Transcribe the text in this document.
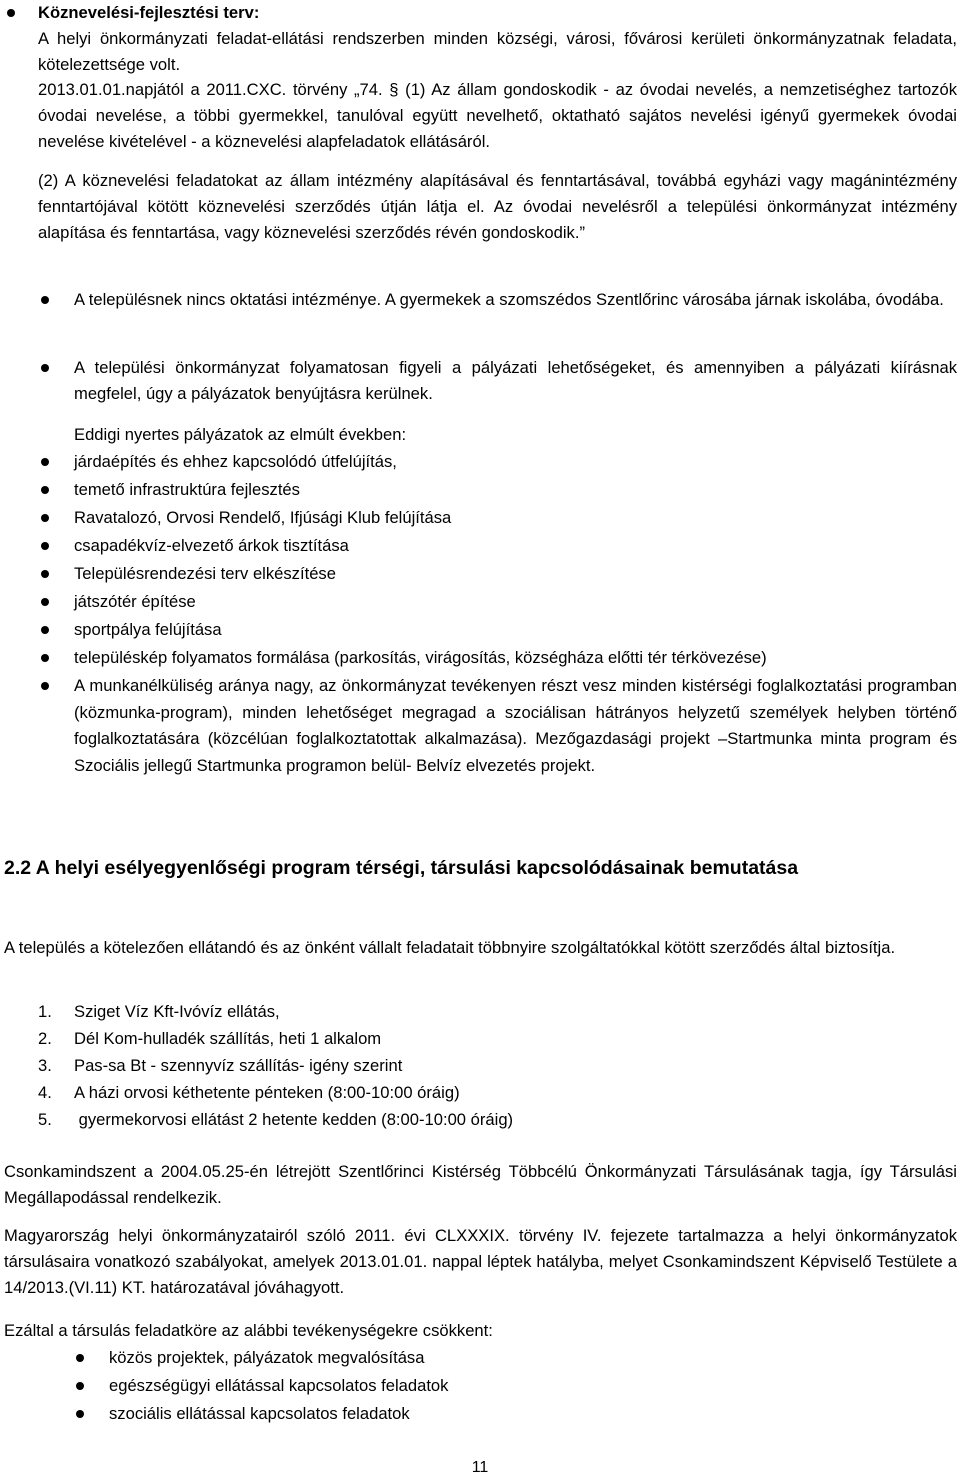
Köznevelési-fejlesztési terv:

A helyi önkormányzati feladat-ellátási rendszerben minden községi, városi, fővárosi kerületi önkormányzatnak feladata, kötelezettsége volt.

2013.01.01.napjától a 2011.CXC. törvény „74. § (1) Az állam gondoskodik - az óvodai nevelés, a nemzetiséghez tartozók óvodai nevelése, a többi gyermekkel, tanulóval együtt nevelhető, oktatható sajátos nevelési igényű gyermekek óvodai nevelése kivételével - a köznevelési alapfeladatok ellátásáról.

(2) A köznevelési feladatokat az állam intézmény alapításával és fenntartásával, továbbá egyházi vagy magánintézmény fenntartójával kötött köznevelési szerződés útján látja el. Az óvodai nevelésről a települési önkormányzat intézmény alapítása és fenntartása, vagy köznevelési szerződés révén gondoskodik.”

A településnek nincs oktatási intézménye. A gyermekek a szomszédos Szentlőrinc városába járnak iskolába, óvodába.

A települési önkormányzat folyamatosan figyeli a pályázati lehetőségeket, és amennyiben a pályázati kiírásnak megfelel, úgy a pályázatok benyújtásra kerülnek.

Eddigi nyertes pályázatok az elmúlt években:

járdaépítés és ehhez kapcsolódó útfelújítás,
temető infrastruktúra fejlesztés
Ravatalozó, Orvosi Rendelő, Ifjúsági Klub felújítása
csapadékvíz-elvezető árkok tisztítása
Településrendezési terv elkészítése
játszótér építése
sportpálya felújítása
településkép folyamatos formálása (parkosítás, virágosítás, községháza előtti tér térkövezése)

A munkanélküliség aránya nagy, az önkormányzat tevékenyen részt vesz minden kistérségi foglalkoztatási programban (közmunka-program), minden lehetőséget megragad a szociálisan hátrányos helyzetű személyek helyben történő foglalkoztatására (közcélúan foglalkoztatottak alkalmazása). Mezőgazdasági projekt –Startmunka minta program és Szociális jellegű Startmunka programon belül- Belvíz elvezetés projekt.

2.2 A helyi esélyegyenlőségi program térségi, társulási kapcsolódásainak bemutatása

A település a kötelezően ellátandó és az önként vállalt feladatait többnyire szolgáltatókkal kötött szerződés által biztosítja.

1. Sziget Víz Kft-Ivóvíz ellátás,
2. Dél Kom-hulladék szállítás, heti 1 alkalom
3. Pas-sa Bt - szennyvíz szállítás- igény szerint
4. A házi orvosi kéthetente pénteken (8:00-10:00 óráig)
5. gyermekorvosi ellátást 2 hetente kedden (8:00-10:00 óráig)

Csonkamindszent a 2004.05.25-én létrejött Szentlőrinci Kistérség Többcélú Önkormányzati Társulásának tagja, így Társulási Megállapodással rendelkezik.

Magyarország helyi önkormányzatairól szóló 2011. évi CLXXXIX. törvény IV. fejezete tartalmazza a helyi önkormányzatok társulásaira vonatkozó szabályokat, amelyek 2013.01.01. nappal léptek hatályba, melyet Csonkamindszent Képviselő Testülete a 14/2013.(VI.11) KT. határozatával jóváhagyott.

Ezáltal a társulás feladatköre az alábbi tevékenységekre csökkent:

közös projektek, pályázatok megvalósítása
egészségügyi ellátással kapcsolatos feladatok
szociális ellátással kapcsolatos feladatok
11
